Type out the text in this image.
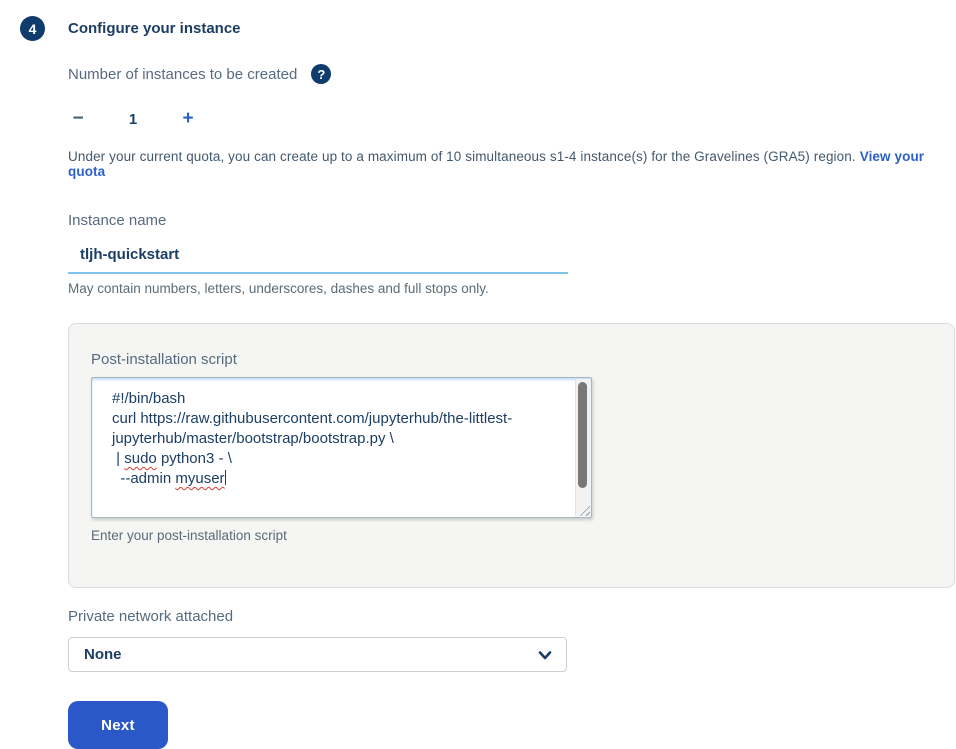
4	Configure your instance
Number of instances to be created	?
−	1	+
Under your current quota, you can create up to a maximum of 10 simultaneous s1-4 instance(s) for the Gravelines (GRA5) region. View your quota
Instance name
tljh-quickstart
May contain numbers, letters, underscores, dashes and full stops only.
Post-installation script
#!/bin/bash
curl https://raw.githubusercontent.com/jupyterhub/the-littlest-
jupyterhub/master/bootstrap/bootstrap.py \
| sudo python3 - \
--admin myuser
Enter your post-installation script
Private network attached
None
Next
